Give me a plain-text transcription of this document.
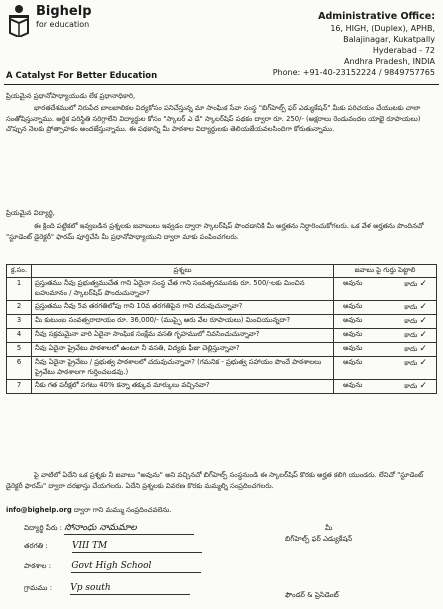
Bighelp
for education
A Catalyst For Better Education
Administrative Office:
16, HIGH, (Duplex), APHB,
Balajinagar, Kukatpally
Hyderabad - 72
Andhra Pradesh, INDIA
Phone: +91-40-23152224 / 9849757765
ప్రియమైన ప్రధానోపాధ్యాయుడు లేక ప్రధానాధికారి,
భారతదేశములో నిరుపేద బాలబాలికల విద్యకోసం పనిచేస్తున్న మా సాంఘిక సేవా సంస్థ "బిగ్‌హెల్ప్ ఫర్ ఎడ్యుకేషన్" మీకు పరిచయం చేయుటకు చాలా సంతోషిస్తున్నాము. ఆర్థిక పరిస్థితి సరిగ్గాలేని విద్యార్థుల కోసం "స్కాలర్ ఎ డే" స్కాలర్‌షిప్ పథకం ద్వారా రూ. 250/- (అక్షరాలు రెండువందల యాభై రూపాయలు) చొప్పున నెలకు ప్రోత్సాహకం అందజేస్తున్నాము. ఈ పథకాన్ని మీ పాఠశాల విద్యార్థులకు తెలియజేయవలసిందిగా కోరుతున్నాము.
ప్రియమైన విద్యార్థి,
ఈ క్రింది పట్టికలో ఇవ్వబడిన ప్రశ్నలకు జవాబులు ఇవ్వడం ద్వారా స్కాలర్‌షిప్ పొందడానికి మీ అర్హతను నిర్ధారించుకోగలరు. ఒక వేళ అర్హతను పొందినచో "స్టూడెంట్ డైరెక్టరీ" ఫారమ్ పూర్తిచేసి మీ ప్రధానోపాధ్యాయుని ద్వారా మాకు పంపించగలరు.
క్ర.సం.	ప్రశ్నలు	జవాబు పై గుర్తు పెట్టాలి
1	ప్రస్తుతము నీవు ప్రభుత్వముచేత గాని ఏదైనా సంస్థ చేత గాని సంవత్సరమునకు రూ. 500/-లకు మించిన బహుమానం / స్కాలర్‌షిప్ పొందుచున్నావా?	అవును కాదు ✓

2	ప్రస్తుతము నీవు 5వ తరగతిలోపు గాని 10వ తరగతిపైన గాని చదువుచున్నావా?	అవును కాదు ✓

3	మీ కుటుంబ సంవత్సరాదాయం రూ. 36,000/- (ముప్ఫై ఆరు వేల రూపాయలు) మించియున్నదా?	అవును కాదు ✓

4	నీవు సక్రమమైనా వారి ఏదైనా సాంఘిక సంక్షేమ వసతి గృహములో నివసించుచున్నావా?	అవును కాదు ✓

5	నీవు ఏదైనా ప్రైవేటు పాఠశాలలో ఉంటూ నీ వసతి, విద్యకు ఫీజు చెల్లిస్తున్నావా?	అవును కాదు ✓

6	నీవు ఏదైనా ప్రైవేటు / ప్రభుత్వ పాఠశాలలో చదువుచున్నావా? (గమనిక - ప్రభుత్వ సహాయం పొందే పాఠశాలలు ప్రైవేటు పాఠశాలగా గుర్తించబడవు.)	అవును కాదు ✓

7	నీకు గత పరీక్షలో సగటు 40% కన్నా తక్కువ మార్కులు వచ్చినవా?	అవును కాదు ✓
పై వాటిలో ఏదేని ఒక ప్రశ్నకు నీ జవాబు "అవును" అని వచ్చినచో బిగ్‌హెల్ప్ సంస్థనుండి ఈ స్కాలర్‌షిప్ కొరకు అర్హత కలిగి యుండరు. లేనిచో "స్టూడెంట్ డైరెక్టరీ ఫారమ్" ద్వారా దరఖాస్తు చేయగలరు. ఏదేని ప్రశ్నలకు వివరణ కొరకు మమ్మల్ని సంప్రదించగలరు.
info@bighelp.org ద్వారా గాని మమ్ము సంప్రదించవలెను.
విద్యార్థి పేరు : సోనాంధు నామమాల
తరగతి :	VIII TM
పాఠశాల : Govt High School
గ్రామము : Vp south
మీ
బిగ్‌హెల్ప్ ఫర్ ఎడ్యుకేషన్
ఫౌండర్ & ప్రెసిడెంట్
